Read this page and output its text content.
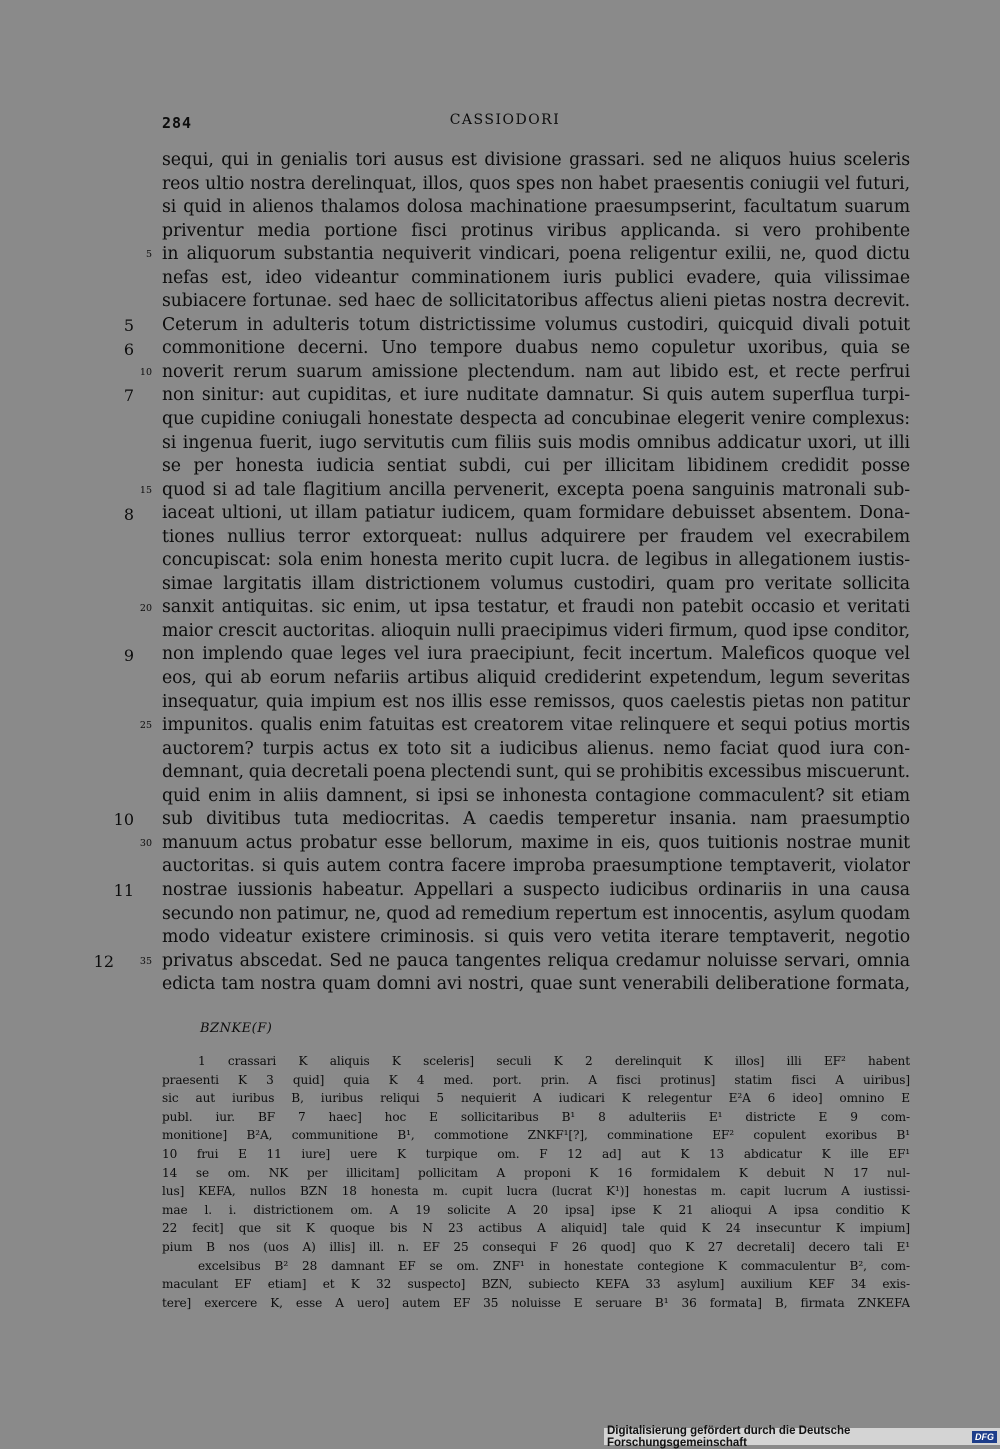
284	CASSIODORI
5
6
7
8
9
10
11
12
5
10
15
20
25
30
35
sequi, qui in genialis tori ausus est divisione grassari. sed ne aliquos huius sceleris
reos ultio nostra derelinquat, illos, quos spes non habet praesentis coniugii vel futuri,
si quid in alienos thalamos dolosa machinatione praesumpserint, facultatum suarum
priventur media portione fisci protinus viribus applicanda. si vero prohibente
in aliquorum substantia nequiverit vindicari, poena religentur exilii, ne, quod dictu
nefas est, ideo videantur comminationem iuris publici evadere, quia vilissimae
subiacere fortunae. sed haec de sollicitatoribus affectus alieni pietas nostra decrevit.
Ceterum in adulteris totum districtissime volumus custodiri, quicquid divali potuit
commonitione decerni. Uno tempore duabus nemo copuletur uxoribus, quia se
noverit rerum suarum amissione plectendum. nam aut libido est, et recte perfrui
non sinitur: aut cupiditas, et iure nuditate damnatur. Si quis autem superflua turpi-
que cupidine coniugali honestate despecta ad concubinae elegerit venire complexus:
si ingenua fuerit, iugo servitutis cum filiis suis modis omnibus addicatur uxori, ut illi
se per honesta iudicia sentiat subdi, cui per illicitam libidinem credidit posse
quod si ad tale flagitium ancilla pervenerit, excepta poena sanguinis matronali sub-
iaceat ultioni, ut illam patiatur iudicem, quam formidare debuisset absentem. Dona-
tiones nullius terror extorqueat: nullus adquirere per fraudem vel execrabilem
concupiscat: sola enim honesta merito cupit lucra. de legibus in allegationem iustis-
simae largitatis illam districtionem volumus custodiri, quam pro veritate sollicita
sanxit antiquitas. sic enim, ut ipsa testatur, et fraudi non patebit occasio et veritati
maior crescit auctoritas. alioquin nulli praecipimus videri firmum, quod ipse conditor,
non implendo quae leges vel iura praecipiunt, fecit incertum. Maleficos quoque vel
eos, qui ab eorum nefariis artibus aliquid crediderint expetendum, legum severitas
insequatur, quia impium est nos illis esse remissos, quos caelestis pietas non patitur
impunitos. qualis enim fatuitas est creatorem vitae relinquere et sequi potius mortis
auctorem? turpis actus ex toto sit a iudicibus alienus. nemo faciat quod iura con-
demnant, quia decretali poena plectendi sunt, qui se prohibitis excessibus miscuerunt.
quid enim in aliis damnent, si ipsi se inhonesta contagione commaculent? sit etiam
sub divitibus tuta mediocritas. A caedis temperetur insania. nam praesumptio
manuum actus probatur esse bellorum, maxime in eis, quos tuitionis nostrae munit
auctoritas. si quis autem contra facere improba praesumptione temptaverit, violator
nostrae iussionis habeatur. Appellari a suspecto iudicibus ordinariis in una causa
secundo non patimur, ne, quod ad remedium repertum est innocentis, asylum quodam
modo videatur existere criminosis. si quis vero vetita iterare temptaverit, negotio
privatus abscedat. Sed ne pauca tangentes reliqua credamur noluisse servari, omnia
edicta tam nostra quam domni avi nostri, quae sunt venerabili deliberatione formata,
BZNKE(F)
1 crassari K aliquis K sceleris] seculi K 2 derelinquit K illos] illi EF² habent
praesenti K 3 quid] quia K 4 med. port. prin. A fisci protinus] statim fisci A uiribus]
sic aut iuribus B, iuribus reliqui 5 nequierit A iudicari K relegentur E²A 6 ideo] omnino E
publ. iur. BF 7 haec] hoc E sollicitaribus B¹ 8 adulteriis E¹ districte E 9 com-
monitione] B²A, communitione B¹, commotione ZNKF¹[?], comminatione EF² copulent exoribus B¹
10 frui E 11 iure] uere K turpique om. F 12 ad] aut K 13 abdicatur K ille EF¹
14 se om. NK per illicitam] pollicitam A proponi K 16 formidalem K debuit N 17 nul-
lus] KEFA, nullos BZN 18 honesta m. cupit lucra (lucrat K¹)] honestas m. capit lucrum A iustissi-
mae l. i. districtionem om. A 19 solicite A 20 ipsa] ipse K 21 alioqui A ipsa conditio K
22 fecit] que sit K quoque bis N 23 actibus A aliquid] tale quid K 24 insecuntur K impium]
pium B nos (uos A) illis] ill. n. EF 25 consequi F 26 quod] quo K 27 decretali] decero tali E¹
excelsibus B² 28 damnant EF se om. ZNF¹ in honestate contegione K commaculentur B², com-
maculant EF etiam] et K 32 suspecto] BZN, subiecto KEFA 33 asylum] auxilium KEF 34 exis-
tere] exercere K, esse A uero] autem EF 35 noluisse E seruare B¹ 36 formata] B, firmata ZNKEFA
Digitalisierung gefördert durch die Deutsche Forschungsgemeinschaft	DFG
